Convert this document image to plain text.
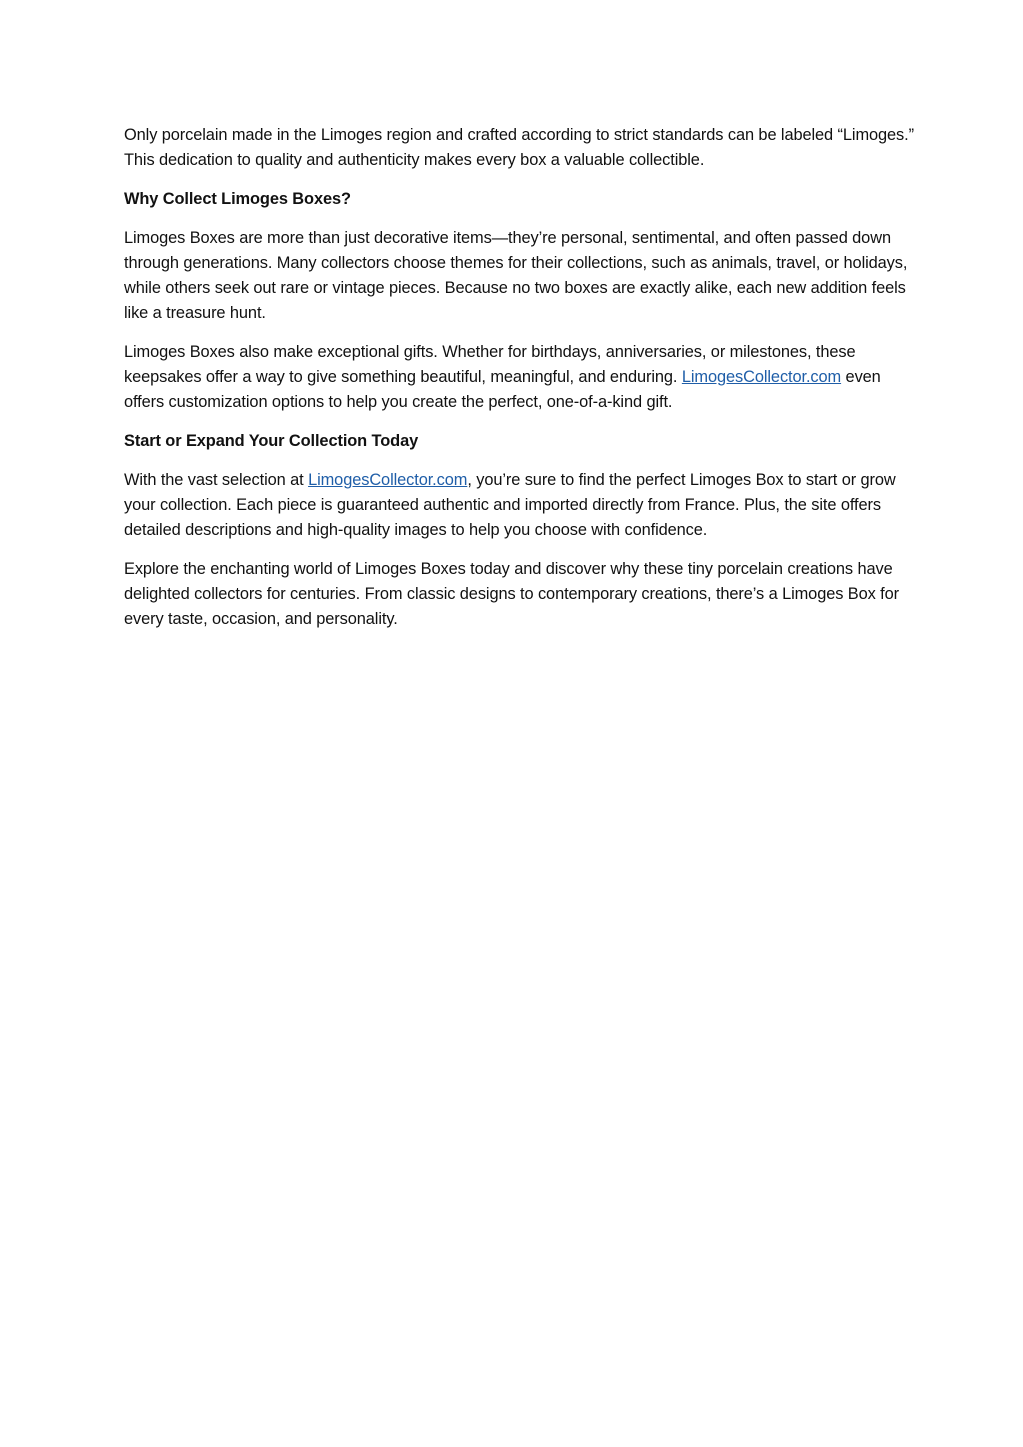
Only porcelain made in the Limoges region and crafted according to strict standards can be labeled “Limoges.” This dedication to quality and authenticity makes every box a valuable collectible.

Why Collect Limoges Boxes?

Limoges Boxes are more than just decorative items—they’re personal, sentimental, and often passed down through generations. Many collectors choose themes for their collections, such as animals, travel, or holidays, while others seek out rare or vintage pieces. Because no two boxes are exactly alike, each new addition feels like a treasure hunt.

Limoges Boxes also make exceptional gifts. Whether for birthdays, anniversaries, or milestones, these keepsakes offer a way to give something beautiful, meaningful, and enduring. LimogesCollector.com even offers customization options to help you create the perfect, one-of-a-kind gift.

Start or Expand Your Collection Today

With the vast selection at LimogesCollector.com, you’re sure to find the perfect Limoges Box to start or grow your collection. Each piece is guaranteed authentic and imported directly from France. Plus, the site offers detailed descriptions and high-quality images to help you choose with confidence.

Explore the enchanting world of Limoges Boxes today and discover why these tiny porcelain creations have delighted collectors for centuries. From classic designs to contemporary creations, there’s a Limoges Box for every taste, occasion, and personality.
